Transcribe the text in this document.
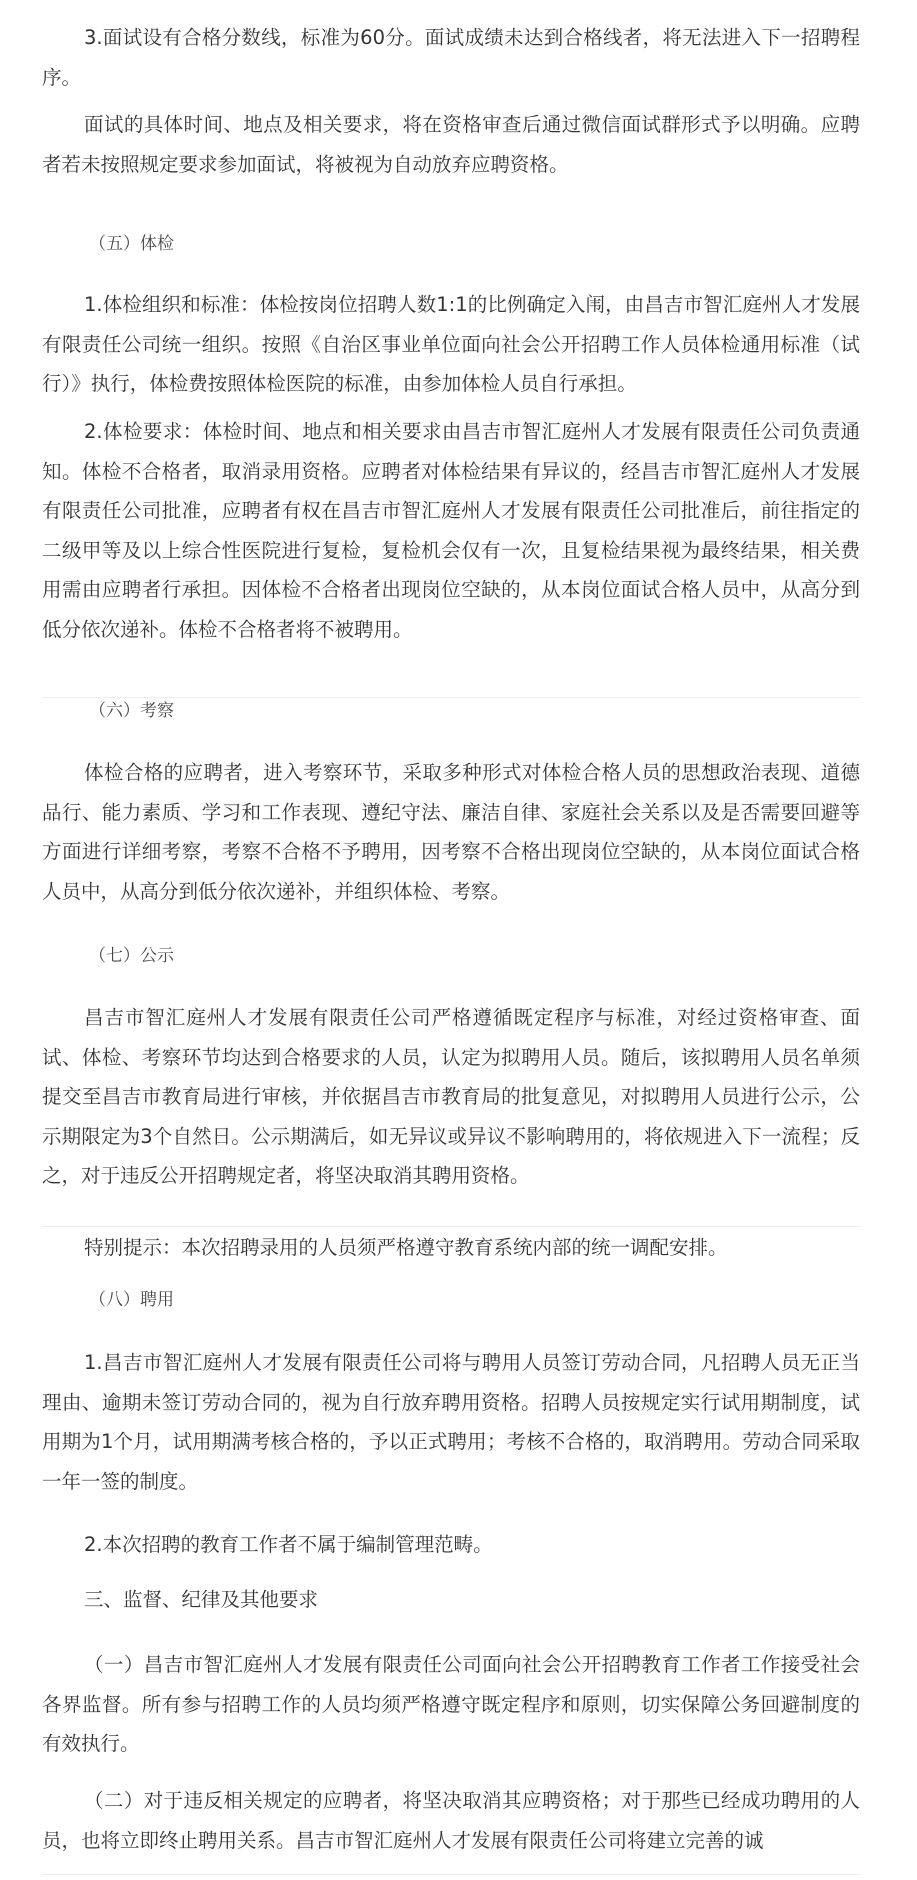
3.面试设有合格分数线，标准为60分。面试成绩未达到合格线者，将无法进入下一招聘程序。

面试的具体时间、地点及相关要求，将在资格审查后通过微信面试群形式予以明确。应聘者若未按照规定要求参加面试，将被视为自动放弃应聘资格。

（五）体检

1.体检组织和标准：体检按岗位招聘人数1:1的比例确定入闱，由昌吉市智汇庭州人才发展有限责任公司统一组织。按照《自治区事业单位面向社会公开招聘工作人员体检通用标准（试行）》执行，体检费按照体检医院的标准，由参加体检人员自行承担。

2.体检要求：体检时间、地点和相关要求由昌吉市智汇庭州人才发展有限责任公司负责通知。体检不合格者，取消录用资格。应聘者对体检结果有异议的，经昌吉市智汇庭州人才发展有限责任公司批准，应聘者有权在昌吉市智汇庭州人才发展有限责任公司批准后，前往指定的二级甲等及以上综合性医院进行复检，复检机会仅有一次，且复检结果视为最终结果，相关费用需由应聘者行承担。因体检不合格者出现岗位空缺的，从本岗位面试合格人员中，从高分到低分依次递补。体检不合格者将不被聘用。

（六）考察

体检合格的应聘者，进入考察环节，采取多种形式对体检合格人员的思想政治表现、道德品行、能力素质、学习和工作表现、遵纪守法、廉洁自律、家庭社会关系以及是否需要回避等方面进行详细考察，考察不合格不予聘用，因考察不合格出现岗位空缺的，从本岗位面试合格人员中，从高分到低分依次递补，并组织体检、考察。

（七）公示

昌吉市智汇庭州人才发展有限责任公司严格遵循既定程序与标准，对经过资格审查、面试、体检、考察环节均达到合格要求的人员，认定为拟聘用人员。随后，该拟聘用人员名单须提交至昌吉市教育局进行审核，并依据昌吉市教育局的批复意见，对拟聘用人员进行公示，公示期限定为3个自然日。公示期满后，如无异议或异议不影响聘用的，将依规进入下一流程；反之，对于违反公开招聘规定者，将坚决取消其聘用资格。

特别提示：本次招聘录用的人员须严格遵守教育系统内部的统一调配安排。

（八）聘用

1.昌吉市智汇庭州人才发展有限责任公司将与聘用人员签订劳动合同，凡招聘人员无正当理由、逾期未签订劳动合同的，视为自行放弃聘用资格。招聘人员按规定实行试用期制度，试用期为1个月，试用期满考核合格的，予以正式聘用；考核不合格的，取消聘用。劳动合同采取一年一签的制度。

2.本次招聘的教育工作者不属于编制管理范畴。

三、监督、纪律及其他要求

（一）昌吉市智汇庭州人才发展有限责任公司面向社会公开招聘教育工作者工作接受社会各界监督。所有参与招聘工作的人员均须严格遵守既定程序和原则，切实保障公务回避制度的有效执行。

（二）对于违反相关规定的应聘者，将坚决取消其应聘资格；对于那些已经成功聘用的人员，也将立即终止聘用关系。昌吉市智汇庭州人才发展有限责任公司将建立完善的诚
